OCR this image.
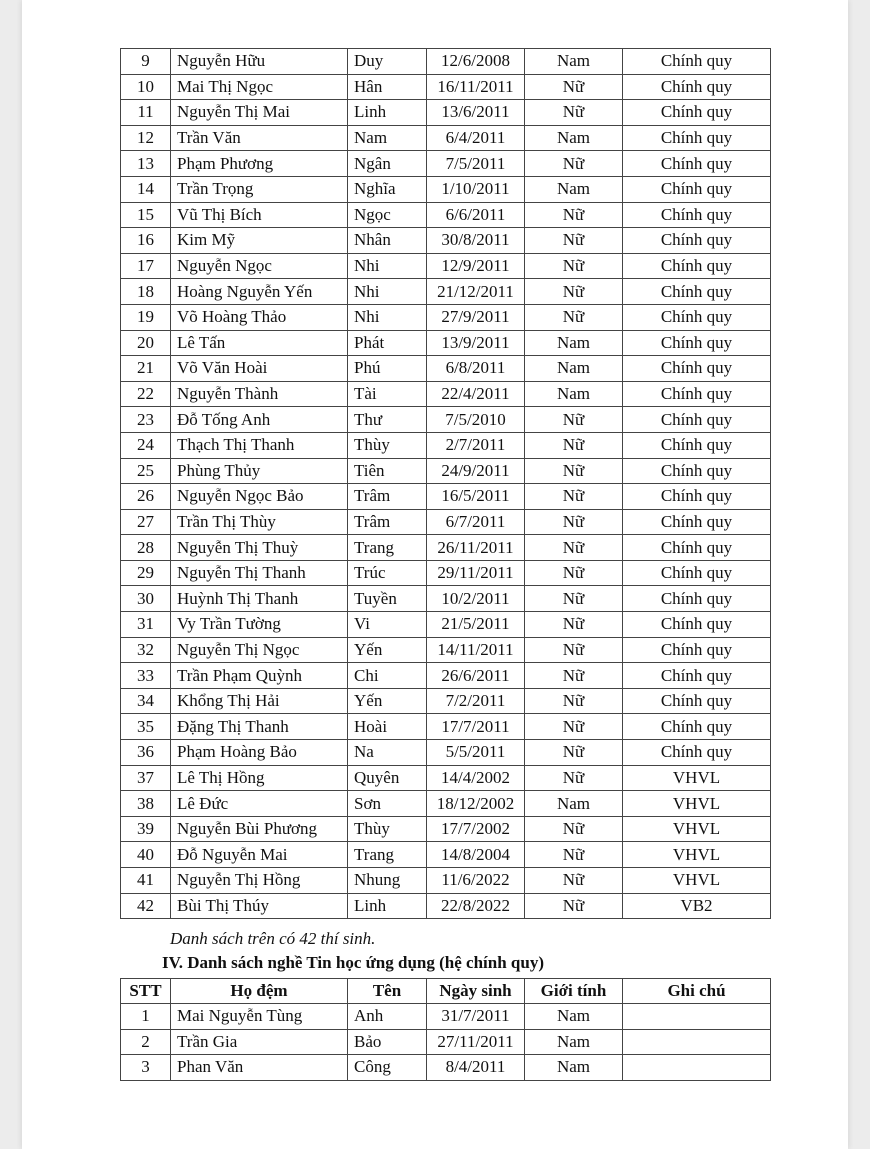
9	Nguyễn Hữu	Duy	12/6/2008	Nam	Chính quy
10	Mai Thị Ngọc	Hân	16/11/2011	Nữ	Chính quy
11	Nguyễn Thị Mai	Linh	13/6/2011	Nữ	Chính quy
12	Trần Văn	Nam	6/4/2011	Nam	Chính quy
13	Phạm Phương	Ngân	7/5/2011	Nữ	Chính quy
14	Trần Trọng	Nghĩa	1/10/2011	Nam	Chính quy
15	Vũ Thị Bích	Ngọc	6/6/2011	Nữ	Chính quy
16	Kim Mỹ	Nhân	30/8/2011	Nữ	Chính quy
17	Nguyễn Ngọc	Nhi	12/9/2011	Nữ	Chính quy
18	Hoàng Nguyễn Yến	Nhi	21/12/2011	Nữ	Chính quy
19	Võ Hoàng Thảo	Nhi	27/9/2011	Nữ	Chính quy
20	Lê Tấn	Phát	13/9/2011	Nam	Chính quy
21	Võ Văn Hoài	Phú	6/8/2011	Nam	Chính quy
22	Nguyễn Thành	Tài	22/4/2011	Nam	Chính quy
23	Đỗ Tống Anh	Thư	7/5/2010	Nữ	Chính quy
24	Thạch Thị Thanh	Thùy	2/7/2011	Nữ	Chính quy
25	Phùng Thủy	Tiên	24/9/2011	Nữ	Chính quy
26	Nguyễn Ngọc Bảo	Trâm	16/5/2011	Nữ	Chính quy
27	Trần Thị Thùy	Trâm	6/7/2011	Nữ	Chính quy
28	Nguyễn Thị Thuỳ	Trang	26/11/2011	Nữ	Chính quy
29	Nguyễn Thị Thanh	Trúc	29/11/2011	Nữ	Chính quy
30	Huỳnh Thị Thanh	Tuyền	10/2/2011	Nữ	Chính quy
31	Vy Trần Tường	Vi	21/5/2011	Nữ	Chính quy
32	Nguyễn Thị Ngọc	Yến	14/11/2011	Nữ	Chính quy
33	Trần Phạm Quỳnh	Chi	26/6/2011	Nữ	Chính quy
34	Khổng Thị Hải	Yến	7/2/2011	Nữ	Chính quy
35	Đặng Thị Thanh	Hoài	17/7/2011	Nữ	Chính quy
36	Phạm Hoàng Bảo	Na	5/5/2011	Nữ	Chính quy
37	Lê Thị Hồng	Quyên	14/4/2002	Nữ	VHVL
38	Lê Đức	Sơn	18/12/2002	Nam	VHVL
39	Nguyễn Bùi Phương	Thùy	17/7/2002	Nữ	VHVL
40	Đỗ Nguyễn Mai	Trang	14/8/2004	Nữ	VHVL
41	Nguyễn Thị Hồng	Nhung	11/6/2022	Nữ	VHVL
42	Bùi Thị Thúy	Linh	22/8/2022	Nữ	VB2
Danh sách trên có 42 thí sinh.
IV. Danh sách nghề Tin học ứng dụng (hệ chính quy)
STT	Họ đệm	Tên	Ngày sinh	Giới tính	Ghi chú
1	Mai Nguyễn Tùng	Anh	31/7/2011	Nam	
2	Trần Gia	Bảo	27/11/2011	Nam	
3	Phan Văn	Công	8/4/2011	Nam	
